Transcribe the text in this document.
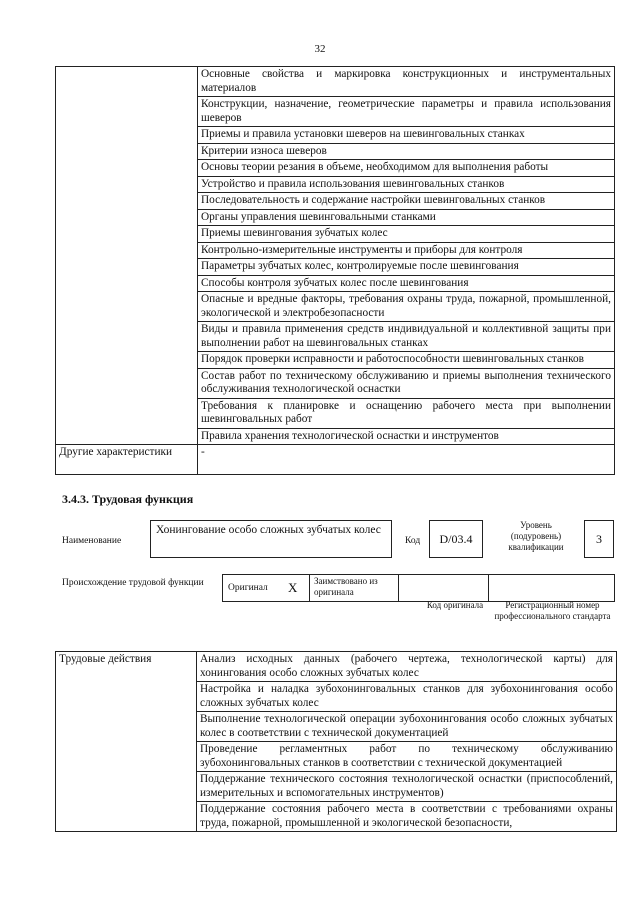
32
	Основные свойства и маркировка конструкционных и инструментальных материалов
	Конструкции, назначение, геометрические параметры и правила использования шеверов
	Приемы и правила установки шеверов на шевинговальных станках
	Критерии износа шеверов
	Основы теории резания в объеме, необходимом для выполнения работы
	Устройство и правила использования шевинговальных станков
	Последовательность и содержание настройки шевинговальных станков
	Органы управления шевинговальными станками
	Приемы шевингования зубчатых колес
	Контрольно-измерительные инструменты и приборы для контроля
	Параметры зубчатых колес, контролируемые после шевингования
	Способы контроля зубчатых колес после шевингования
	Опасные и вредные факторы, требования охраны труда, пожарной, промышленной, экологической и электробезопасности
	Виды и правила применения средств индивидуальной и коллективной защиты при выполнении работ на шевинговальных станках
	Порядок проверки исправности и работоспособности шевинговальных станков
	Состав работ по техническому обслуживанию и приемы выполнения технического обслуживания технологической оснастки
	Требования к планировке и оснащению рабочего места при выполнении шевинговальных работ
	Правила хранения технологической оснастки и инструментов
Другие характеристики	-
3.4.3. Трудовая функция
Наименование
Хонингование особо сложных зубчатых колес
Код	D/03.4
Уровень (подуровень) квалификации
3
Происхождение трудовой функции	Оригинал X	Заимствовано из оригинала
Код оригинала	Регистрационный номер профессионального стандарта
Трудовые действия	Анализ исходных данных (рабочего чертежа, технологической карты) для хонингования особо сложных зубчатых колес
Настройка и наладка зубохонинговальных станков для зубохонингования особо сложных зубчатых колес
Выполнение технологической операции зубохонингования особо сложных зубчатых колес в соответствии с технической документацией
Проведение регламентных работ по техническому обслуживанию зубохонинговальных станков в соответствии с технической документацией
Поддержание технического состояния технологической оснастки (приспособлений, измерительных и вспомогательных инструментов)
Поддержание состояния рабочего места в соответствии с требованиями охраны труда, пожарной, промышленной и экологической безопасности,
